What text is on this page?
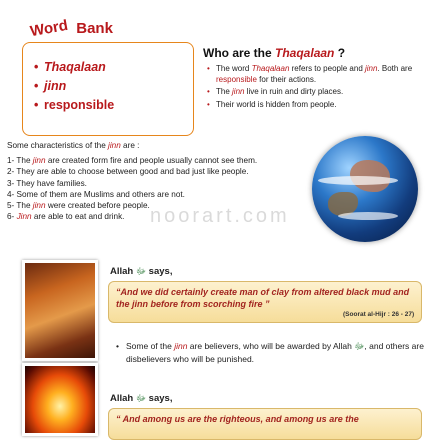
Word Bank
• Thaqalaan
• jinn
• responsible
Who are the Thaqalaan ?
• The word Thaqalaan refers to people and jinn. Both are responsible for their actions.
• The jinn live in ruin and dirty places.
• Their world is hidden from people.
Some characteristics of the jinn are :
1- The jinn are created form fire and people usually cannot see them.
2- They are able to choose between good and bad just like people.
3- They have families.
4- Some of them are Muslims and others are not.
5- The jinn were created before people.
6- Jinn are able to eat and drink.	noorart.com
Allah ﷻ says,
“And we did certainly create man of clay from altered black mud and the jinn before from scorching fire ”
(Soorat al-Hijr : 26 - 27)
• Some of the jinn are believers, who will be awarded by Allah ﷻ, and others are disbelievers who will be punished.
Allah ﷻ says,
“ And among us are the righteous, and among us are the
